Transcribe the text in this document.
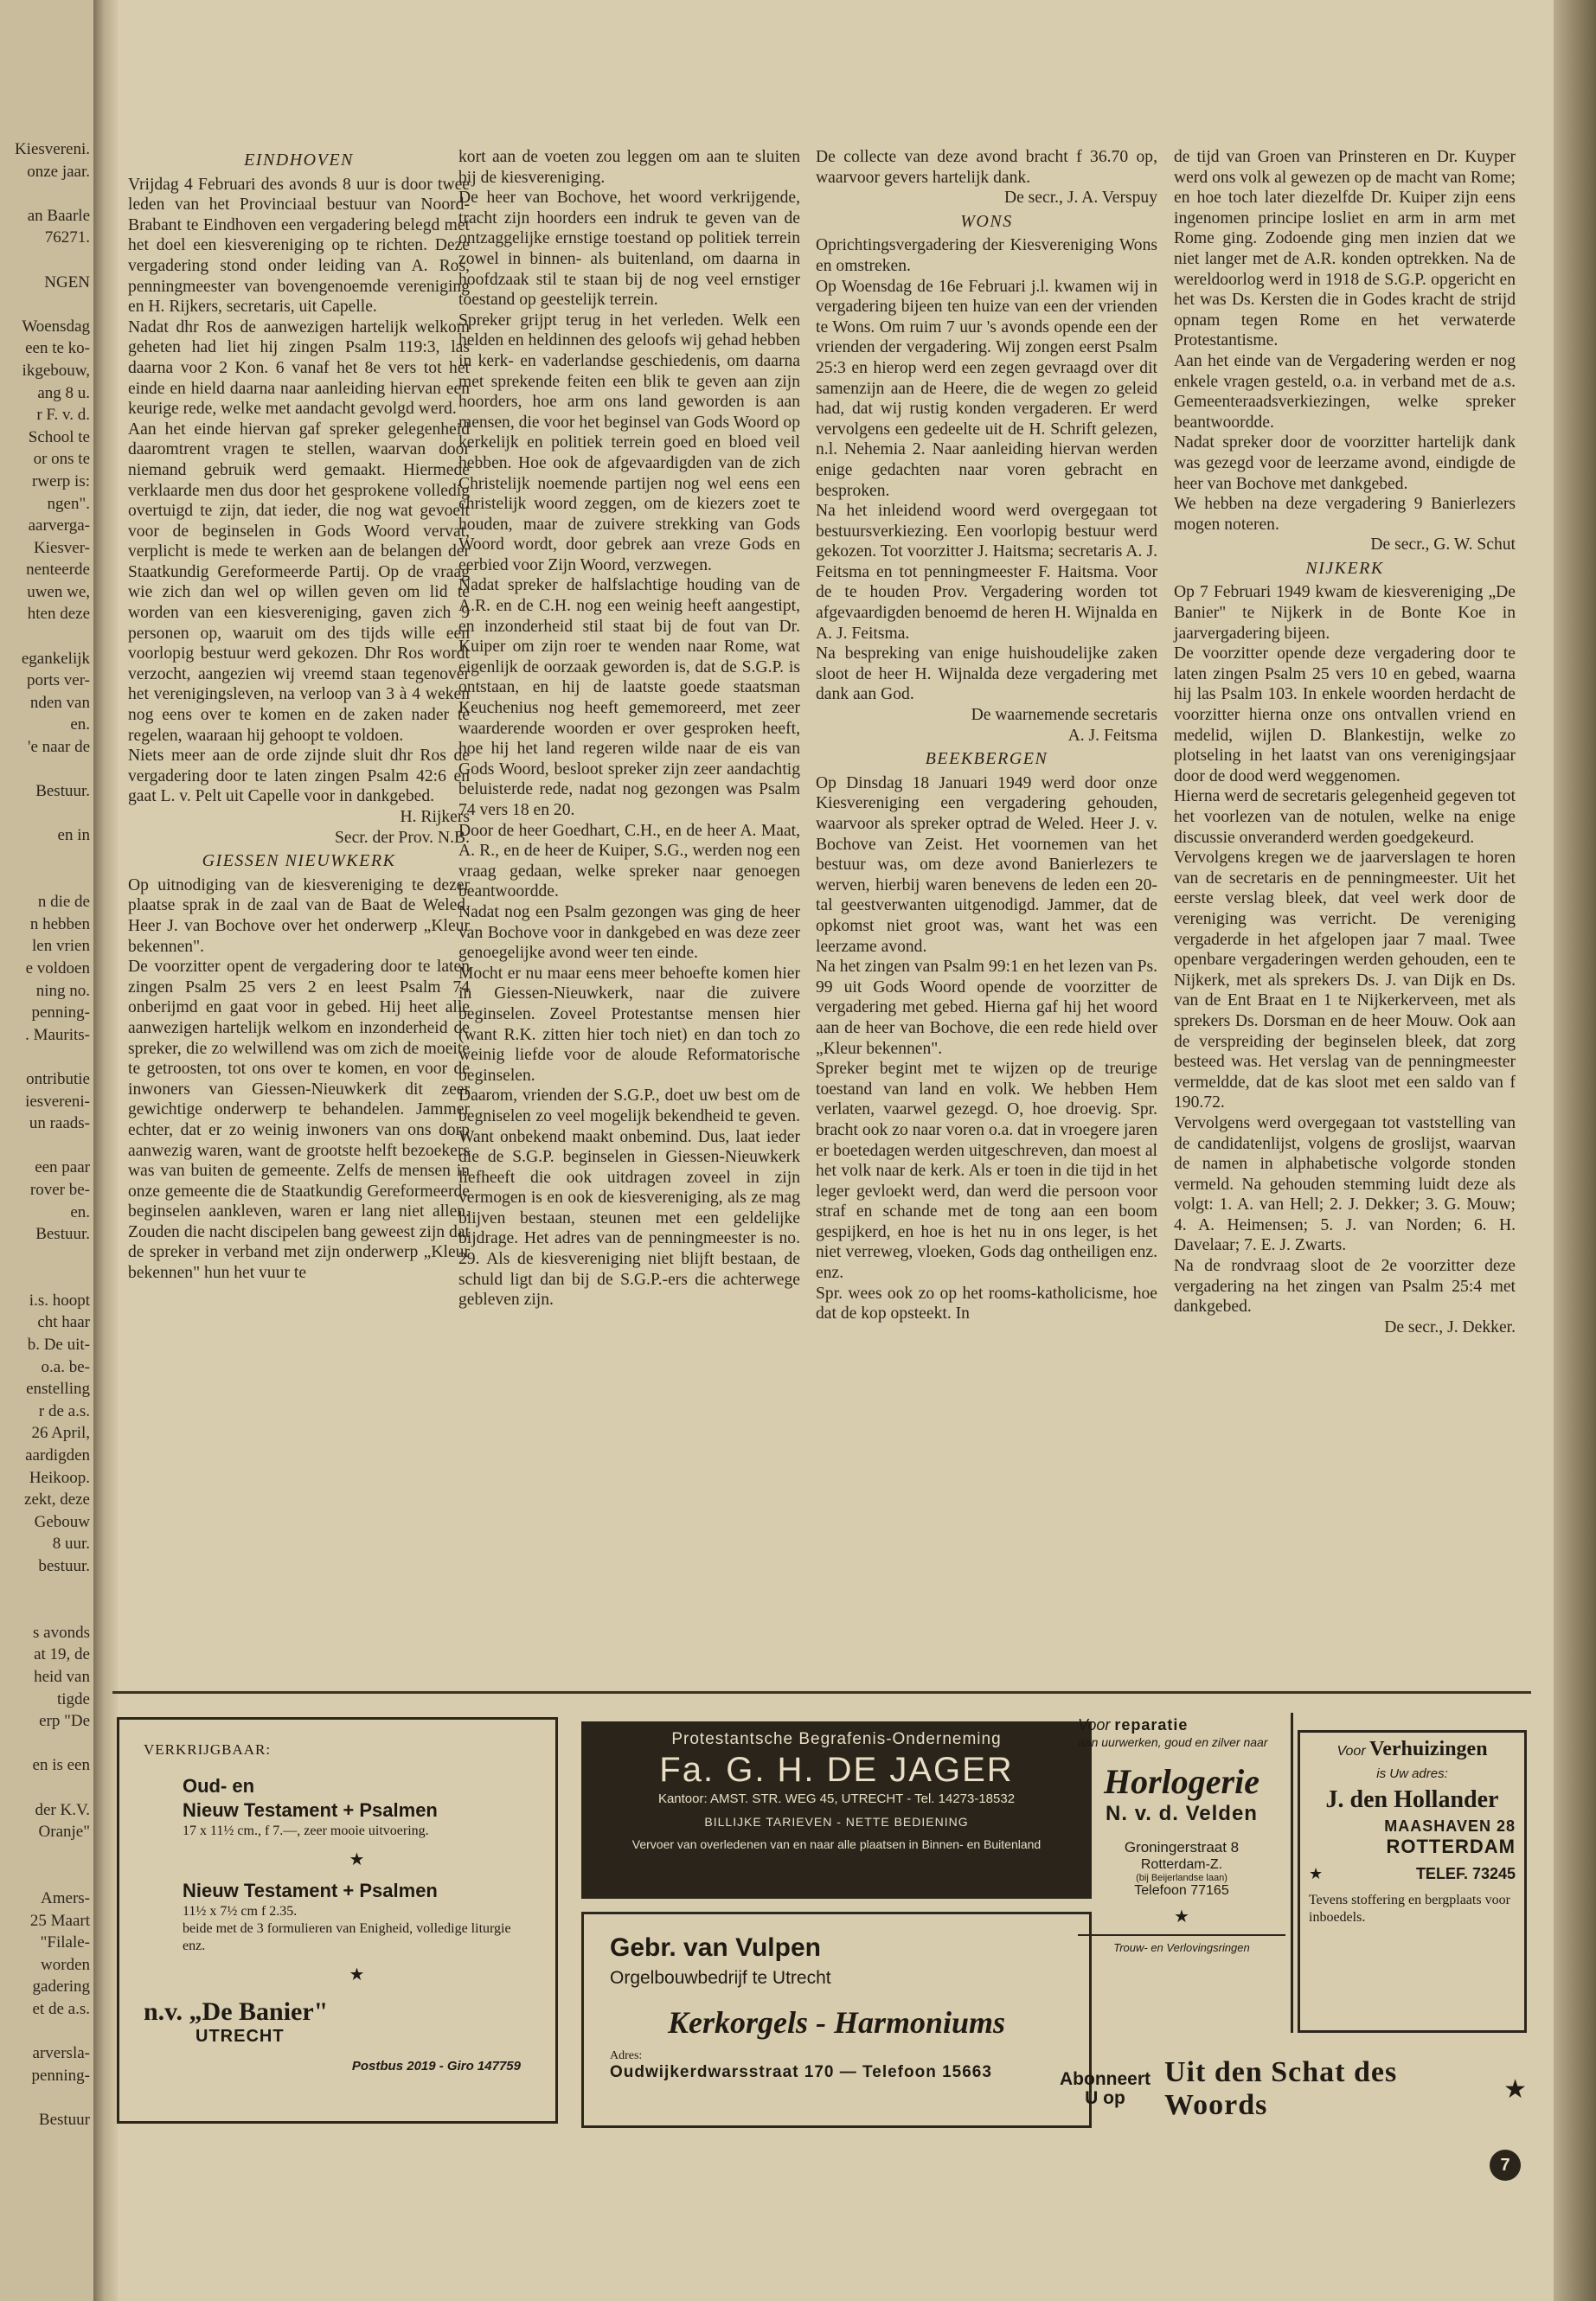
Kiesvereni.
onze jaar.

an Baarle
76271.

NGEN

Woensdag
een te ko-
ikgebouw,
ang 8 u.
r F. v. d.
School te
or ons te
rwerp is:
ngen".
aarverga-
Kiesver-
nenteerde
uwen we,
hten deze

egankelijk
ports ver-
nden van
en.
'e naar de

Bestuur.

en in

n die de
n hebben
len vrien
e voldoen
ning no.
penning-
. Maurits-

ontributie
iesvereni-
un raads-

een paar
rover be-
en.
Bestuur.

i.s. hoopt
cht haar
b. De uit-
o.a. be-
enstelling
r de a.s.
26 April,
aardigden
Heikoop.
zekt, deze
Gebouw
8 uur.
bestuur.

s avonds
at 19, de
heid van
tigde
erp "De

en is een

der K.V.
Oranje"

Amers-
25 Maart
"Filale-
worden
gadering
et de a.s.

arversla-
penning-

Bestuur
EINDHOVEN

Vrijdag 4 Februari des avonds 8 uur is door twee leden van het Provinciaal bestuur van Noord-Brabant te Eindhoven een vergadering belegd met het doel een kiesvereniging op te richten. Deze vergadering stond onder leiding van A. Ros, penningmeester van bovengenoemde vereniging en H. Rijkers, secretaris, uit Capelle.

Nadat dhr Ros de aanwezigen hartelijk welkom geheten had liet hij zingen Psalm 119:3, las daarna voor 2 Kon. 6 vanaf het 8e vers tot het einde en hield daarna naar aanleiding hiervan een keurige rede, welke met aandacht gevolgd werd.

Aan het einde hiervan gaf spreker gelegenheid daaromtrent vragen te stellen, waarvan door niemand gebruik werd gemaakt. Hiermede verklaarde men dus door het gesprokene volledig overtuigd te zijn, dat ieder, die nog wat gevoelt voor de beginselen in Gods Woord vervat, verplicht is mede te werken aan de belangen der Staatkundig Gereformeerde Partij. Op de vraag wie zich dan wel op willen geven om lid te worden van een kiesvereniging, gaven zich 9 personen op, waaruit om des tijds wille een voorlopig bestuur werd gekozen. Dhr Ros wordt verzocht, aangezien wij vreemd staan tegenover het verenigingsleven, na verloop van 3 à 4 weken nog eens over te komen en de zaken nader te regelen, waaraan hij gehoopt te voldoen.

Niets meer aan de orde zijnde sluit dhr Ros de vergadering door te laten zingen Psalm 42:6 en gaat L. v. Pelt uit Capelle voor in dankgebed.

H. Rijkers

Secr. der Prov. N.B.

GIESSEN NIEUWKERK

Op uitnodiging van de kiesvereniging te dezer plaatse sprak in de zaal van de Baat de Weled. Heer J. van Bochove over het onderwerp „Kleur bekennen".

De voorzitter opent de vergadering door te laten zingen Psalm 25 vers 2 en leest Psalm 74 onberijmd en gaat voor in gebed. Hij heet alle aanwezigen hartelijk welkom en inzonderheid de spreker, die zo welwillend was om zich de moeite te getroosten, tot ons over te komen, en voor de inwoners van Giessen-Nieuwkerk dit zeer gewichtige onderwerp te behandelen. Jammer echter, dat er zo weinig inwoners van ons dorp aanwezig waren, want de grootste helft bezoekers was van buiten de gemeente. Zelfs de mensen in onze gemeente die de Staatkundig Gereformeerde beginselen aankleven, waren er lang niet allen. Zouden die nacht discipelen bang geweest zijn dat de spreker in verband met zijn onderwerp „Kleur bekennen" hun het vuur te

kort aan de voeten zou leggen om aan te sluiten bij de kiesvereniging.

De heer van Bochove, het woord verkrijgende, tracht zijn hoorders een indruk te geven van de ontzaggelijke ernstige toestand op politiek terrein zowel in binnen- als buitenland, om daarna in hoofdzaak stil te staan bij de nog veel ernstiger toestand op geestelijk terrein.

Spreker grijpt terug in het verleden. Welk een helden en heldinnen des geloofs wij gehad hebben in kerk- en vaderlandse geschiedenis, om daarna met sprekende feiten een blik te geven aan zijn hoorders, hoe arm ons land geworden is aan mensen, die voor het beginsel van Gods Woord op kerkelijk en politiek terrein goed en bloed veil hebben. Hoe ook de afgevaardigden van de zich Christelijk noemende partijen nog wel eens een christelijk woord zeggen, om de kiezers zoet te houden, maar de zuivere strekking van Gods Woord wordt, door gebrek aan vreze Gods en eerbied voor Zijn Woord, verzwegen.

Nadat spreker de halfslachtige houding van de A.R. en de C.H. nog een weinig heeft aangestipt, en inzonderheid stil staat bij de fout van Dr. Kuiper om zijn roer te wenden naar Rome, wat eigenlijk de oorzaak geworden is, dat de S.G.P. is ontstaan, en hij de laatste goede staatsman Keuchenius nog heeft gememoreerd, met zeer waarderende woorden er over gesproken heeft, hoe hij het land regeren wilde naar de eis van Gods Woord, besloot spreker zijn zeer aandachtig beluisterde rede, nadat nog gezongen was Psalm 74 vers 18 en 20.

Door de heer Goedhart, C.H., en de heer A. Maat, A. R., en de heer de Kuiper, S.G., werden nog een vraag gedaan, welke spreker naar genoegen beantwoordde.

Nadat nog een Psalm gezongen was ging de heer van Bochove voor in dankgebed en was deze zeer genoegelijke avond weer ten einde.

Mocht er nu maar eens meer behoefte komen hier in Giessen-Nieuwkerk, naar die zuivere beginselen. Zoveel Protestantse mensen hier (want R.K. zitten hier toch niet) en dan toch zo weinig liefde voor de aloude Reformatorische beginselen.

Daarom, vrienden der S.G.P., doet uw best om de begniselen zo veel mogelijk bekendheid te geven. Want onbekend maakt onbemind. Dus, laat ieder die de S.G.P. beginselen in Giessen-Nieuwkerk liefheeft die ook uitdragen zoveel in zijn vermogen is en ook de kiesvereniging, als ze mag blijven bestaan, steunen met een geldelijke bijdrage. Het adres van de penningmeester is no. 29. Als de kiesvereniging niet blijft bestaan, de schuld ligt dan bij de S.G.P.-ers die achterwege gebleven zijn.

De collecte van deze avond bracht f 36.70 op, waarvoor gevers hartelijk dank.

De secr., J. A. Verspuy

WONS

Oprichtingsvergadering der Kiesvereniging Wons en omstreken.

Op Woensdag de 16e Februari j.l. kwamen wij in vergadering bijeen ten huize van een der vrienden te Wons. Om ruim 7 uur 's avonds opende een der vrienden der vergadering. Wij zongen eerst Psalm 25:3 en hierop werd een zegen gevraagd over dit samenzijn aan de Heere, die de wegen zo geleid had, dat wij rustig konden vergaderen. Er werd vervolgens een gedeelte uit de H. Schrift gelezen, n.l. Nehemia 2. Naar aanleiding hiervan werden enige gedachten naar voren gebracht en besproken.

Na het inleidend woord werd overgegaan tot bestuursverkiezing. Een voorlopig bestuur werd gekozen. Tot voorzitter J. Haitsma; secretaris A. J. Feitsma en tot penningmeester F. Haitsma. Voor de te houden Prov. Vergadering worden tot afgevaardigden benoemd de heren H. Wijnalda en A. J. Feitsma.

Na bespreking van enige huishoudelijke zaken sloot de heer H. Wijnalda deze vergadering met dank aan God.

De waarnemende secretaris

A. J. Feitsma

BEEKBERGEN

Op Dinsdag 18 Januari 1949 werd door onze Kiesvereniging een vergadering gehouden, waarvoor als spreker optrad de Weled. Heer J. v. Bochove van Zeist. Het voornemen van het bestuur was, om deze avond Banierlezers te werven, hierbij waren benevens de leden een 20-tal geestverwanten uitgenodigd. Jammer, dat de opkomst niet groot was, want het was een leerzame avond.

Na het zingen van Psalm 99:1 en het lezen van Ps. 99 uit Gods Woord opende de voorzitter de vergadering met gebed. Hierna gaf hij het woord aan de heer van Bochove, die een rede hield over „Kleur bekennen".

Spreker begint met te wijzen op de treurige toestand van land en volk. We hebben Hem verlaten, vaarwel gezegd. O, hoe droevig. Spr. bracht ook zo naar voren o.a. dat in vroegere jaren er boetedagen werden uitgeschreven, dan moest al het volk naar de kerk. Als er toen in die tijd in het leger gevloekt werd, dan werd die persoon voor straf en schande met de tong aan een boom gespijkerd, en hoe is het nu in ons leger, is het niet verreweg, vloeken, Gods dag ontheiligen enz. enz.

Spr. wees ook zo op het rooms-katholicisme, hoe dat de kop opsteekt. In

de tijd van Groen van Prinsteren en Dr. Kuyper werd ons volk al gewezen op de macht van Rome; en hoe toch later diezelfde Dr. Kuiper zijn eens ingenomen principe losliet en arm in arm met Rome ging. Zodoende ging men inzien dat we niet langer met de A.R. konden optrekken. Na de wereldoorlog werd in 1918 de S.G.P. opgericht en het was Ds. Kersten die in Godes kracht de strijd opnam tegen Rome en het verwaterde Protestantisme.

Aan het einde van de Vergadering werden er nog enkele vragen gesteld, o.a. in verband met de a.s. Gemeenteraadsverkiezingen, welke spreker beantwoordde.

Nadat spreker door de voorzitter hartelijk dank was gezegd voor de leerzame avond, eindigde de heer van Bochove met dankgebed.

We hebben na deze vergadering 9 Banierlezers mogen noteren.

De secr., G. W. Schut

NIJKERK

Op 7 Februari 1949 kwam de kiesvereniging „De Banier" te Nijkerk in de Bonte Koe in jaarvergadering bijeen.

De voorzitter opende deze vergadering door te laten zingen Psalm 25 vers 10 en gebed, waarna hij las Psalm 103. In enkele woorden herdacht de voorzitter hierna onze ons ontvallen vriend en medelid, wijlen D. Blankestijn, welke zo plotseling in het laatst van ons verenigingsjaar door de dood werd weggenomen.

Hierna werd de secretaris gelegenheid gegeven tot het voorlezen van de notulen, welke na enige discussie onveranderd werden goedgekeurd.

Vervolgens kregen we de jaarverslagen te horen van de secretaris en de penningmeester. Uit het eerste verslag bleek, dat veel werk door de vereniging was verricht. De vereniging vergaderde in het afgelopen jaar 7 maal. Twee openbare vergaderingen werden gehouden, een te Nijkerk, met als sprekers Ds. J. van Dijk en Ds. van de Ent Braat en 1 te Nijkerkerveen, met als sprekers Ds. Dorsman en de heer Mouw. Ook aan de verspreiding der beginselen bleek, dat zorg besteed was. Het verslag van de penningmeester vermeldde, dat de kas sloot met een saldo van f 190.72.

Vervolgens werd overgegaan tot vaststelling van de candidatenlijst, volgens de groslijst, waarvan de namen in alphabetische volgorde stonden vermeld. Na gehouden stemming luidt deze als volgt: 1. A. van Hell; 2. J. Dekker; 3. G. Mouw; 4. A. Heimensen; 5. J. van Norden; 6. H. Davelaar; 7. E. J. Zwarts.

Na de rondvraag sloot de 2e voorzitter deze vergadering na het zingen van Psalm 25:4 met dankgebed.

De secr., J. Dekker.

VERKRIJGBAAR:
Oud- en
Nieuw Testament + Psalmen
17 x 11½ cm., f 7.—, zeer mooie uitvoering.
★
Nieuw Testament + Psalmen
11½ x 7½ cm f 2.35.
beide met de 3 formulieren van Enigheid, volledige liturgie enz.
★
n.v. „De Banier"
Postbus 2019 - Giro 147759
UTRECHT
Protestantsche Begrafenis-Onderneming
Fa. G. H. DE JAGER
Kantoor: AMST. STR. WEG 45, UTRECHT - Tel. 14273-18532
BILLIJKE TARIEVEN - NETTE BEDIENING
Vervoer van overledenen van en naar alle plaatsen in Binnen- en Buitenland
Gebr. van Vulpen
Orgelbouwbedrijf te Utrecht
Kerkorgels - Harmoniums
Adres:
Oudwijkerdwarsstraat 170 — Telefoon 15663
Voor reparatie
aan uurwerken, goud en zilver naar
Horlogerie
N. v. d. Velden
Groningerstraat 8
Rotterdam-Z.
(bij Beijerlandse laan)
Telefoon 77165
★
Trouw- en Verlovingsringen
Voor Verhuizingen
is Uw adres:
J. den Hollander
MAASHAVEN 28
ROTTERDAM
★	TELEF. 73245
Tevens stoffering en bergplaats voor inboedels.
Abonneert
U op
Uit den Schat des Woords	★
7
